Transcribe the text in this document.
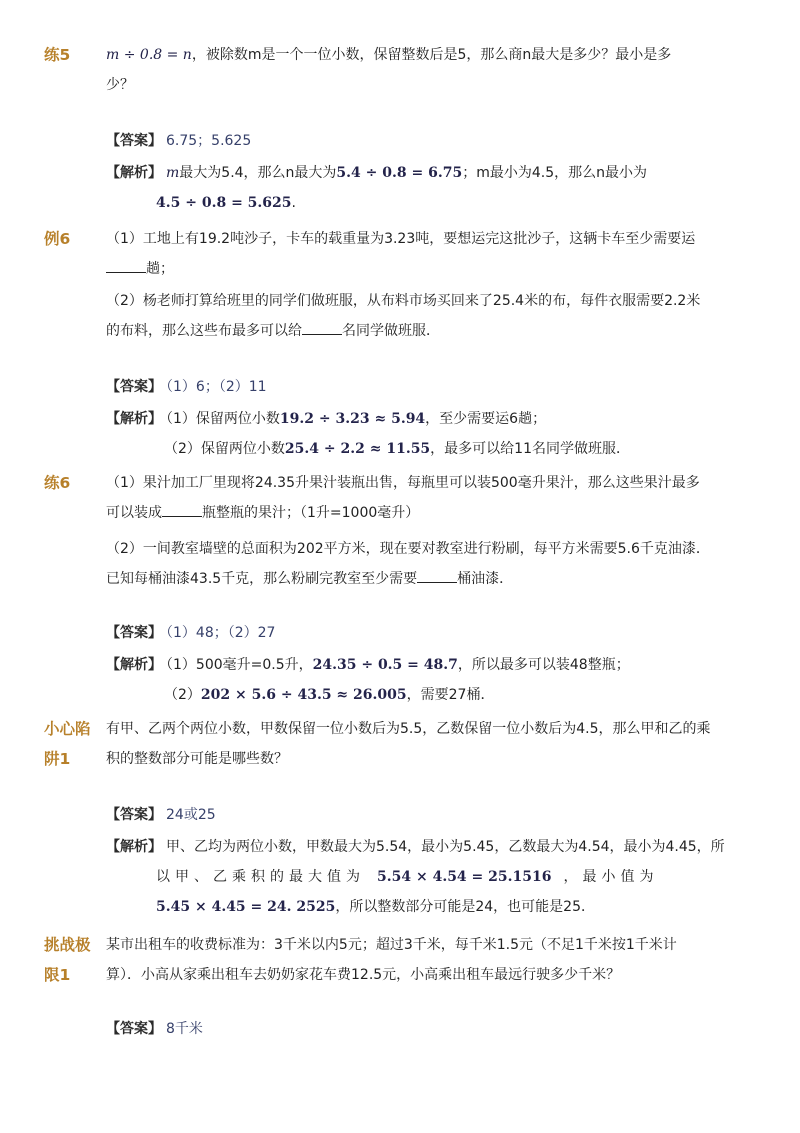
练5	m ÷ 0.8 = n，被除数m是一个一位小数，保留整数后是5，那么商n最大是多少？最小是多
少？
【答案】 6.75；5.625
【解析】 m最大为5.4，那么n最大为5.4 ÷ 0.8 = 6.75；m最小为4.5，那么n最小为
4.5 ÷ 0.8 = 5.625.
例6	（1）工地上有19.2吨沙子，卡车的载重量为3.23吨，要想运完这批沙子，这辆卡车至少需要运
趟；
（2）杨老师打算给班里的同学们做班服，从布料市场买回来了25.4米的布，每件衣服需要2.2米
的布料，那么这些布最多可以给	名同学做班服．
【答案】 （1）6；（2）11
【解析】 （1）保留两位小数19.2 ÷ 3.23 ≈ 5.94，至少需要运6趟；
（2）保留两位小数25.4 ÷ 2.2 ≈ 11.55，最多可以给11名同学做班服．
练6	（1）果汁加工厂里现将24.35升果汁装瓶出售，每瓶里可以装500毫升果汁，那么这些果汁最多
可以装成	瓶整瓶的果汁；（1升=1000毫升）
（2）一间教室墙壁的总面积为202平方米，现在要对教室进行粉刷，每平方米需要5.6千克油漆．
已知每桶油漆43.5千克，那么粉刷完教室至少需要	桶油漆．
【答案】 （1）48；（2）27
【解析】 （1）500毫升=0.5升，24.35 ÷ 0.5 = 48.7，所以最多可以装48整瓶；
（2）202 × 5.6 ÷ 43.5 ≈ 26.005，需要27桶．
小心陷
阱1
有甲、乙两个两位小数，甲数保留一位小数后为5.5，乙数保留一位小数后为4.5，那么甲和乙的乘
积的整数部分可能是哪些数？
【答案】 24或25
【解析】 甲、乙均为两位小数，甲数最大为5.54，最小为5.45，乙数最大为4.54，最小为4.45，所
以甲、乙乘积的最大值为 5.54 × 4.54 = 25.1516 ，最小值为
5.45 × 4.45 = 24. 2525，所以整数部分可能是24，也可能是25．
挑战极
限1
某市出租车的收费标准为：3千米以内5元；超过3千米，每千米1.5元（不足1千米按1千米计
算）．小高从家乘出租车去奶奶家花车费12.5元，小高乘出租车最远行驶多少千米？
【答案】 8千米
